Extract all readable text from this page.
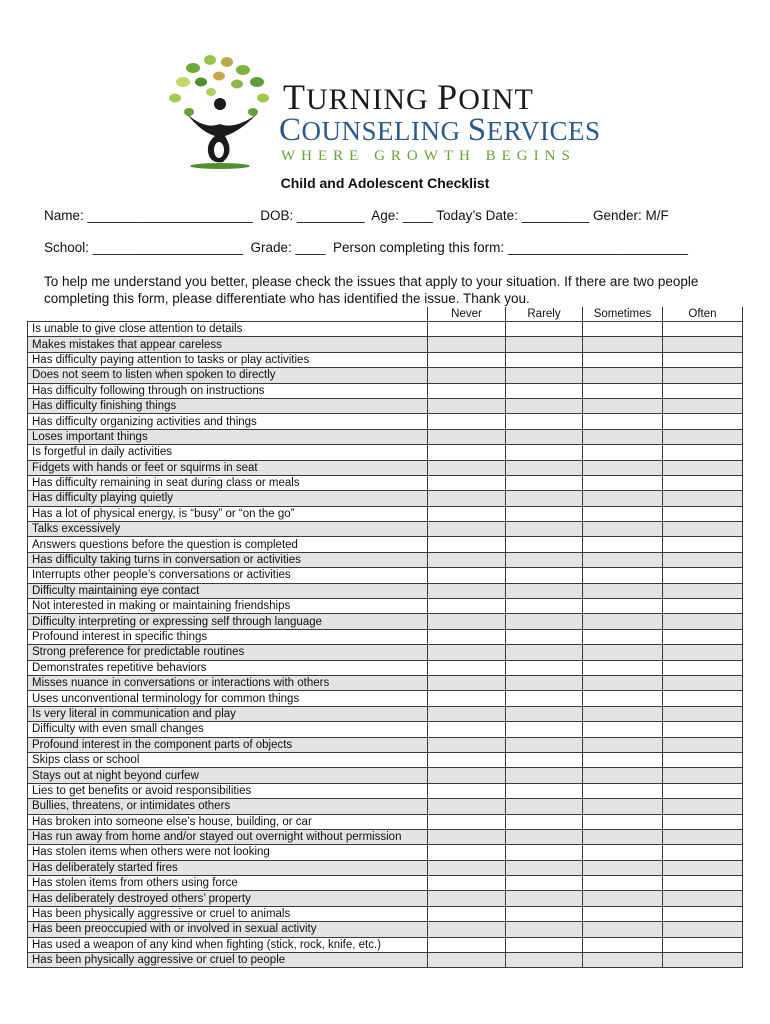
TURNING POINT
COUNSELING SERVICES
WHERE GROWTH BEGINS
Child and Adolescent Checklist
Name: ______________________  DOB: _________  Age: ____ Today’s Date: _________ Gender: M/F
School: ____________________  Grade: ____  Person completing this form: ________________________
To help me understand you better, please check the issues that apply to your situation. If there are two people completing this form, please differentiate who has identified the issue. Thank you.
	Never	Rarely	Sometimes	Often
Is unable to give close attention to details				
Makes mistakes that appear careless				
Has difficulty paying attention to tasks or play activities				
Does not seem to listen when spoken to directly				
Has difficulty following through on instructions				
Has difficulty finishing things				
Has difficulty organizing activities and things				
Loses important things				
Is forgetful in daily activities				
Fidgets with hands or feet or squirms in seat				
Has difficulty remaining in seat during class or meals				
Has difficulty playing quietly				
Has a lot of physical energy, is “busy” or “on the go”				
Talks excessively				
Answers questions before the question is completed				
Has difficulty taking turns in conversation or activities				
Interrupts other people’s conversations or activities				
Difficulty maintaining eye contact				
Not interested in making or maintaining friendships				
Difficulty interpreting or expressing self through language				
Profound interest in specific things				
Strong preference for predictable routines				
Demonstrates repetitive behaviors				
Misses nuance in conversations or interactions with others				
Uses unconventional terminology for common things				
Is very literal in communication and play				
Difficulty with even small changes				
Profound interest in the component parts of objects				
Skips class or school				
Stays out at night beyond curfew				
Lies to get benefits or avoid responsibilities				
Bullies, threatens, or intimidates others				
Has broken into someone else’s house, building, or car				
Has run away from home and/or stayed out overnight without permission				
Has stolen items when others were not looking				
Has deliberately started fires				
Has stolen items from others using force				
Has deliberately destroyed others’ property				
Has been physically aggressive or cruel to animals				
Has been preoccupied with or involved in sexual activity				
Has used a weapon of any kind when fighting (stick, rock, knife, etc.)				
Has been physically aggressive or cruel to people				
